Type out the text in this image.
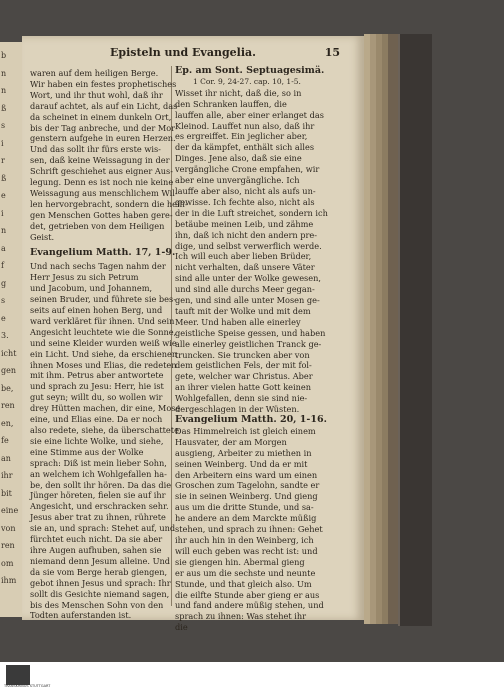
b
n
n
ß
s
i
r
ß
e
i
n
a
f
g
s
e
3.
icht
gen
be,
ren
en,
fe
an
ihr
bit
eine
von
ren
om
ihm
Episteln und Evangelia.	15
waren auf dem heiligen Berge.
Wir haben ein festes prophetisches
Wort, und ihr thut wohl, daß ihr
darauf achtet, als auf ein Licht, das
da scheinet in einem dunkeln Ort,
bis der Tag anbreche, und der Mor-
genstern aufgehe in euren Herzen.
Und das sollt ihr fürs erste wis-
sen, daß keine Weissagung in der
Schrift geschiehet aus eigner Aus-
legung. Denn es ist noch nie keine
Weissagung aus menschlichem Wil-
len hervorgebracht, sondern die heili-
gen Menschen Gottes haben gere-
det, getrieben von dem Heiligen
Geist.
Evangelium Matth. 17, 1-9.
Und nach sechs Tagen nahm der
Herr Jesus zu sich Petrum
und Jacobum, und Johannem,
seinen Bruder, und führete sie bes-
seits auf einen hohen Berg, und
ward verkläret für ihnen. Und sein
Angesicht leuchtete wie die Sonne,
und seine Kleider wurden weiß wie
ein Licht. Und siehe, da erschienen
ihnen Moses und Elias, die redeten
mit ihm. Petrus aber antwortete
und sprach zu Jesu: Herr, hie ist
gut seyn; willt du, so wollen wir
drey Hütten machen, dir eine, Mose
eine, und Elias eine. Da er noch
also redete, siehe, da überschattete
sie eine lichte Wolke, und siehe,
eine Stimme aus der Wolke
sprach: Diß ist mein lieber Sohn,
an welchem ich Wohlgefallen ha-
be, den sollt ihr hören. Da das die
Jünger höreten, fielen sie auf ihr
Angesicht, und erschracken sehr.
Jesus aber trat zu ihnen, rührete
sie an, und sprach: Stehet auf, und
fürchtet euch nicht. Da sie aber
ihre Augen aufhuben, sahen sie
niemand denn Jesum alleine. Und
da sie vom Berge herab giengen,
gebot ihnen Jesus und sprach: Ihr
sollt dis Gesichte niemand sagen,
bis des Menschen Sohn von den
Todten auferstanden ist.
Ep. am Sont. Septuagesimä.
1 Cor. 9, 24-27. cap. 10, 1-5.
Wisset ihr nicht, daß die, so in
den Schranken lauffen, die
lauffen alle, aber einer erlanget das
Kleinod. Lauffet nun also, daß ihr
es ergreiffet. Ein jeglicher aber,
der da kämpfet, enthält sich alles
Dinges. Jene also, daß sie eine
vergängliche Crone empfahen, wir
aber eine unvergängliche. Ich
lauffe aber also, nicht als aufs un-
gewisse. Ich fechte also, nicht als
der in die Luft streichet, sondern ich
betäube meinen Leib, und zähme
ihn, daß ich nicht den andern pre-
dige, und selbst verwerflich werde.
Ich will euch aber lieben Brüder,
nicht verhalten, daß unsere Väter
sind alle unter der Wolke gewesen,
und sind alle durchs Meer gegan-
gen, und sind alle unter Mosen ge-
tauft mit der Wolke und mit dem
Meer. Und haben alle einerley
geistliche Speise gessen, und haben
alle einerley geistlichen Tranck ge-
truncken. Sie truncken aber von
dem geistlichen Fels, der mit fol-
gete, welcher war Christus. Aber
an ihrer vielen hatte Gott keinen
Wohlgefallen, denn sie sind nie-
dergeschlagen in der Wüsten.
Evangelium Matth. 20, 1-16.
Das Himmelreich ist gleich einem
Hausvater, der am Morgen
ausgieng, Arbeiter zu miethen in
seinen Weinberg. Und da er mit
den Arbeitern eins ward um einen
Groschen zum Tagelohn, sandte er
sie in seinen Weinberg. Und gieng
aus um die dritte Stunde, und sa-
he andere an dem Marckte müßig
stehen, und sprach zu ihnen: Gehet
ihr auch hin in den Weinberg, ich
will euch geben was recht ist: und
sie giengen hin. Abermal gieng
er aus um die sechste und neunte
Stunde, und that gleich also. Um
die eilfte Stunde aber gieng er aus
und fand andere müßig stehen, und
sprach zu ihnen: Was stehet ihr
die
TRANSKRIBUS STUTTGART
